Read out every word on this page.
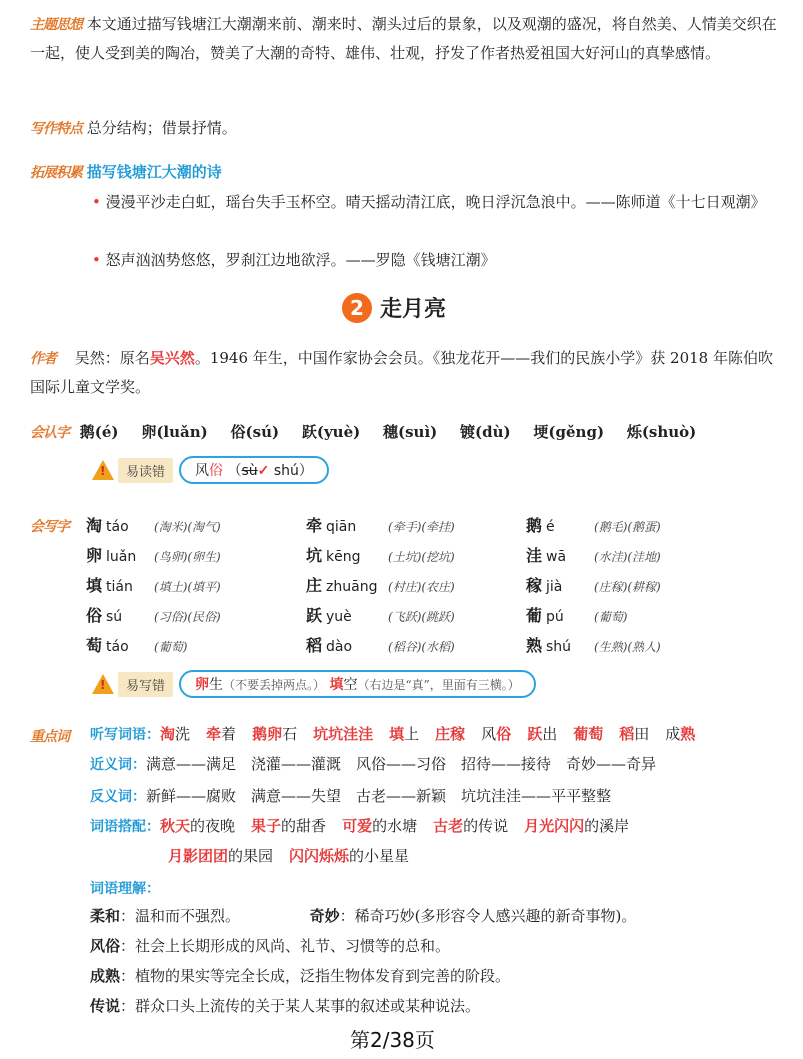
主题思想 本文通过描写钱塘江大潮潮来前、潮来时、潮头过后的景象，以及观潮的盛况，将自然美、人情美交织在一起，使人受到美的陶冶，赞美了大潮的奇特、雄伟、壮观，抒发了作者热爱祖国大好河山的真挚感情。
写作特点 总分结构；借景抒情。
拓展积累 描写钱塘江大潮的诗
• 漫漫平沙走白虹，瑶台失手玉杯空。晴天摇动清江底，晚日浮沉急浪中。——陈师道《十七日观潮》
• 怒声汹汹势悠悠，罗刹江边地欲浮。——罗隐《钱塘江潮》
2 走月亮
作者 吴然：原名吴兴然。1946 年生，中国作家协会会员。《独龙花开——我们的民族小学》获 2018 年陈伯吹国际儿童文学奖。
会认字 鹅(é) 卵(luǎn) 俗(sú) 跃(yuè) 穗(suì) 镀(dù) 埂(gěng) 烁(shuò)
!	易读错	风俗 （sù✓ shú）
会写字 淘 táo (淘米)(淘气)	牵 qiān (牵手)(牵挂)	鹅 é (鹅毛)(鹅蛋)
卵 luǎn (鸟卵)(卵生)	坑 kēng (土坑)(挖坑)	洼 wā (水洼)(洼地)
填 tián (填土)(填平)	庄 zhuāng (村庄)(农庄)	稼 jià (庄稼)(耕稼)
俗 sú (习俗)(民俗)	跃 yuè (飞跃)(跳跃)	葡 pú (葡萄)
萄 táo (葡萄)	稻 dào (稻谷)(水稻)	熟 shú (生熟)(熟人)
!	易写错	卵生（不要丢掉两点。） 填空（右边是“真”，里面有三横。）
重点词 听写词语：淘洗 牵着 鹅卵石 坑坑洼洼 填上 庄稼 风俗 跃出 葡萄 稻田 成熟
近义词：满意——满足　浇灌——灌溉　风俗——习俗　招待——接待　奇妙——奇异
反义词：新鲜——腐败　满意——失望　古老——新颖　坑坑洼洼——平平整整
词语搭配：秋天的夜晚 果子的甜香 可爱的水塘 古老的传说 月光闪闪的溪岸
月影团团的果园 闪闪烁烁的小星星
词语理解：
柔和：温和而不强烈。	奇妙：稀奇巧妙(多形容令人感兴趣的新奇事物)。
风俗：社会上长期形成的风尚、礼节、习惯等的总和。
成熟：植物的果实等完全长成，泛指生物体发育到完善的阶段。
传说：群众口头上流传的关于某人某事的叙述或某种说法。
第2/38页
